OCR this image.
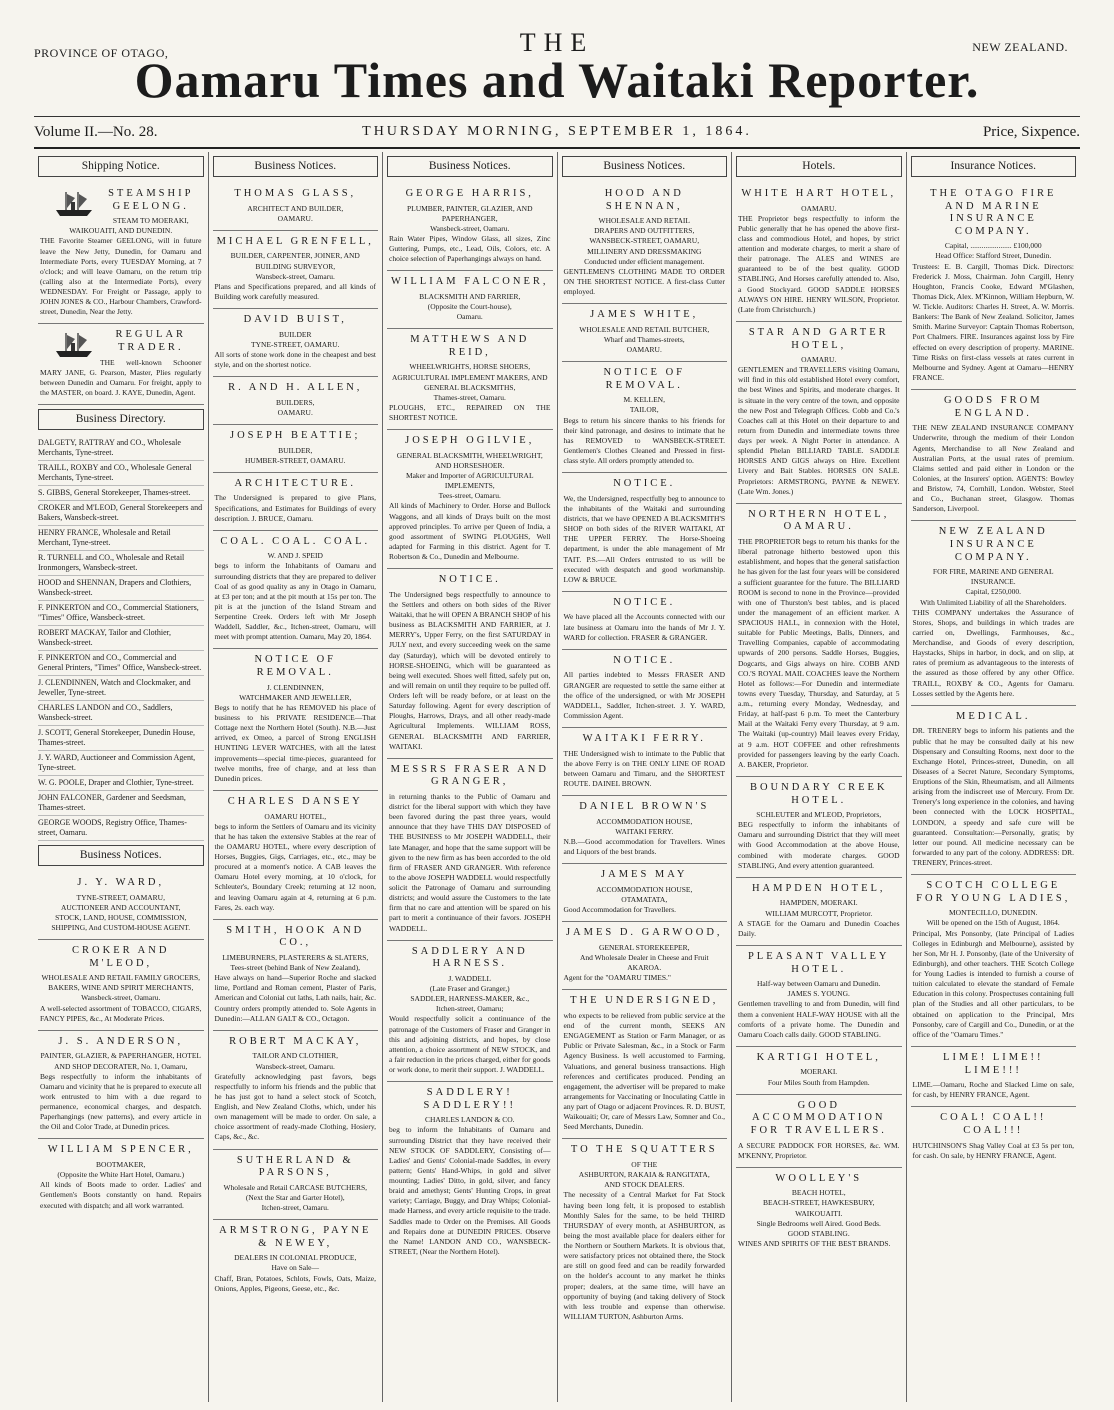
PROVINCE OF OTAGO,	THE	NEW ZEALAND.
Oamaru Times and Waitaki Reporter.
Volume II.—No. 28.	THURSDAY MORNING, SEPTEMBER 1, 1864.	Price, Sixpence.
Shipping Notice.
STEAMSHIP GEELONG.
STEAM TO MOERAKI, WAIKOUAITI, AND DUNEDIN.
THE Favorite Steamer GEELONG, will in future leave the New Jetty, Dunedin, for Oamaru and Intermediate Ports, every TUESDAY Morning, at 7 o'clock; and will leave Oamaru, on the return trip (calling also at the Intermediate Ports), every WEDNESDAY. For Freight or Passage, apply to JOHN JONES & CO., Harbour Chambers, Crawford-street, Dunedin, Near the Jetty.
REGULAR TRADER.
THE well-known Schooner MARY JANE, G. Pearson, Master, Plies regularly between Dunedin and Oamaru. For freight, apply to the MASTER, on board. J. KAYE, Dunedin, Agent.
Business Directory.
DALGETY, RATTRAY and CO., Wholesale Merchants, Tyne-street.
TRAILL, ROXBY and CO., Wholesale General Merchants, Tyne-street.
S. GIBBS, General Storekeeper, Thames-street.
CROKER and M'LEOD, General Storekeepers and Bakers, Wansbeck-street.
HENRY FRANCE, Wholesale and Retail Merchant, Tyne-street.
R. TURNELL and CO., Wholesale and Retail Ironmongers, Wansbeck-street.
HOOD and SHENNAN, Drapers and Clothiers, Wansbeck-street.
F. PINKERTON and CO., Commercial Stationers, "Times" Office, Wansbeck-street.
ROBERT MACKAY, Tailor and Clothier, Wansbeck-street.
F. PINKERTON and CO., Commercial and General Printers, "Times" Office, Wansbeck-street.
J. CLENDINNEN, Watch and Clockmaker, and Jeweller, Tyne-street.
CHARLES LANDON and CO., Saddlers, Wansbeck-street.
J. SCOTT, General Storekeeper, Dunedin House, Thames-street.
J. Y. WARD, Auctioneer and Commission Agent, Tyne-street.
W. G. POOLE, Draper and Clothier, Tyne-street.
JOHN FALCONER, Gardener and Seedsman, Thames-street.
GEORGE WOODS, Registry Office, Thames-street, Oamaru.
Business Notices.
J. Y. WARD,
TYNE-STREET, OAMARU,
AUCTIONEER AND ACCOUNTANT,
STOCK, LAND, HOUSE, COMMISSION, SHIPPING, And CUSTOM-HOUSE AGENT.
CROKER AND M'LEOD,
WHOLESALE AND RETAIL FAMILY GROCERS, BAKERS, WINE AND SPIRIT MERCHANTS,
Wansbeck-street, Oamaru.
A well-selected assortment of TOBACCO, CIGARS, FANCY PIPES, &c., At Moderate Prices.
J. S. ANDERSON,
PAINTER, GLAZIER, & PAPERHANGER, HOTEL AND SHOP DECORATER, No. 1, Oamaru,
Begs respectfully to inform the inhabitants of Oamaru and vicinity that he is prepared to execute all work entrusted to him with a due regard to permanence, economical charges, and despatch. Paperhangings (new patterns), and every article in the Oil and Color Trade, at Dunedin prices.
WILLIAM SPENCER,
BOOTMAKER,
(Opposite the White Hart Hotel, Oamaru.)
All kinds of Boots made to order. Ladies' and Gentlemen's Boots constantly on hand. Repairs executed with dispatch; and all work warranted.
Business Notices.
THOMAS GLASS,
ARCHITECT AND BUILDER,
OAMARU.
MICHAEL GRENFELL,
BUILDER, CARPENTER, JOINER, AND BUILDING SURVEYOR,
Wansbeck-street, Oamaru.
Plans and Specifications prepared, and all kinds of Building work carefully measured.
DAVID BUIST,
BUILDER
TYNE-STREET, OAMARU.
All sorts of stone work done in the cheapest and best style, and on the shortest notice.
R. AND H. ALLEN,
BUILDERS,
OAMARU.
JOSEPH BEATTIE;
BUILDER,
HUMBER-STREET, OAMARU.
ARCHITECTURE.
The Undersigned is prepared to give Plans, Specifications, and Estimates for Buildings of every description. J. BRUCE, Oamaru.
COAL. COAL. COAL.
W. AND J. SPEID
begs to inform the Inhabitants of Oamaru and surrounding districts that they are prepared to deliver Coal of as good quality as any in Otago in Oamaru, at £3 per ton; and at the pit mouth at 15s per ton. The pit is at the junction of the Island Stream and Serpentine Creek. Orders left with Mr Joseph Waddell, Saddler, &c., Itchen-street, Oamaru, will meet with prompt attention. Oamaru, May 20, 1864.
NOTICE OF REMOVAL.
J. CLENDINNEN,
WATCHMAKER AND JEWELLER,
Begs to notify that he has REMOVED his place of business to his PRIVATE RESIDENCE—That Cottage next the Northern Hotel (South). N.B.—Just arrived, ex Omeo, a parcel of Strong ENGLISH HUNTING LEVER WATCHES, with all the latest improvements—special time-pieces, guaranteed for twelve months, free of charge, and at less than Dunedin prices.
CHARLES DANSEY
OAMARU HOTEL,
begs to inform the Settlers of Oamaru and its vicinity that he has taken the extensive Stables at the rear of the OAMARU HOTEL, where every description of Horses, Buggies, Gigs, Carriages, etc., etc., may be procured at a moment's notice. A CAB leaves the Oamaru Hotel every morning, at 10 o'clock, for Schleuter's, Boundary Creek; returning at 12 noon, and leaving Oamaru again at 4, returning at 6 p.m. Fares, 2s. each way.
SMITH, HOOK AND CO.,
LIMEBURNERS, PLASTERERS & SLATERS,
Tees-street (behind Bank of New Zealand),
Have always on hand—Superior Roche and slacked lime, Portland and Roman cement, Plaster of Paris, American and Colonial cut laths, Lath nails, hair, &c. Country orders promptly attended to. Sole Agents in Dunedin:—ALLAN GALT & CO., Octagon.
ROBERT MACKAY,
TAILOR AND CLOTHIER,
Wansbeck-street, Oamaru.
Gratefully acknowledging past favors, begs respectfully to inform his friends and the public that he has just got to hand a select stock of Scotch, English, and New Zealand Cloths, which, under his own management will be made to order. On sale, a choice assortment of ready-made Clothing, Hosiery, Caps, &c., &c.
SUTHERLAND & PARSONS,
Wholesale and Retail CARCASE BUTCHERS,
(Next the Star and Garter Hotel),
Itchen-street, Oamaru.
ARMSTRONG, PAYNE & NEWEY,
DEALERS IN COLONIAL PRODUCE,
Have on Sale—
Chaff, Bran, Potatoes, Schlots, Fowls, Oats, Maize, Onions, Apples, Pigeons, Geese, etc., &c.
Business Notices.
GEORGE HARRIS,
PLUMBER, PAINTER, GLAZIER, AND PAPERHANGER,
Wansbeck-street, Oamaru.
Rain Water Pipes, Window Glass, all sizes, Zinc Guttering, Pumps, etc., Lead, Oils, Colors, etc. A choice selection of Paperhangings always on hand.
WILLIAM FALCONER,
BLACKSMITH AND FARRIER,
(Opposite the Court-house),
Oamaru.
MATTHEWS AND REID,
WHEELWRIGHTS, HORSE SHOERS, AGRICULTURAL IMPLEMENT MAKERS, AND GENERAL BLACKSMITHS,
Thames-street, Oamaru.
PLOUGHS, ETC., REPAIRED ON THE SHORTEST NOTICE.
JOSEPH OGILVIE,
GENERAL BLACKSMITH, WHEELWRIGHT, AND HORSESHOER.
Maker and Importer of AGRICULTURAL IMPLEMENTS,
Tees-street, Oamaru.
All kinds of Machinery to Order. Horse and Bullock Waggons, and all kinds of Drays built on the most approved principles. To arrive per Queen of India, a good assortment of SWING PLOUGHS, Well adapted for Farming in this district. Agent for T. Robertson & Co., Dunedin and Melbourne.
NOTICE.
The Undersigned begs respectfully to announce to the Settlers and others on both sides of the River Waitaki, that he will OPEN A BRANCH SHOP of his business as BLACKSMITH AND FARRIER, at J. MERRY's, Upper Ferry, on the first SATURDAY in JULY next, and every succeeding week on the same day (Saturday), which will be devoted entirely to HORSE-SHOEING, which will be guaranteed as being well executed. Shoes well fitted, safely put on, and will remain on until they require to be pulled off. Orders left will be ready before, or at least on the Saturday following. Agent for every description of Ploughs, Harrows, Drays, and all other ready-made Agricultural Implements. WILLIAM ROSS, GENERAL BLACKSMITH AND FARRIER, WAITAKI.
MESSRS FRASER AND GRANGER,
in returning thanks to the Public of Oamaru and district for the liberal support with which they have been favored during the past three years, would announce that they have THIS DAY DISPOSED of THE BUSINESS to Mr JOSEPH WADDELL, their late Manager, and hope that the same support will be given to the new firm as has been accorded to the old firm of FRASER AND GRANGER. With reference to the above JOSEPH WADDELL would respectfully solicit the Patronage of Oamaru and surrounding districts; and would assure the Customers to the late firm that no care and attention will be spared on his part to merit a continuance of their favors. JOSEPH WADDELL.
SADDLERY AND HARNESS.
J. WADDELL
(Late Fraser and Granger,)
SADDLER, HARNESS-MAKER, &c.,
Itchen-street, Oamaru;
Would respectfully solicit a continuance of the patronage of the Customers of Fraser and Granger in this and adjoining districts, and hopes, by close attention, a choice assortment of NEW STOCK, and a fair reduction in the prices charged, either for goods or work done, to merit their support. J. WADDELL.
SADDLERY! SADDLERY!!
CHARLES LANDON & CO.
beg to inform the Inhabitants of Oamaru and surrounding District that they have received their NEW STOCK OF SADDLERY, Consisting of—Ladies' and Gents' Colonial-made Saddles, in every pattern; Gents' Hand-Whips, in gold and silver mounting; Ladies' Ditto, in gold, silver, and fancy braid and amethyst; Gents' Hunting Crops, in great variety; Carriage, Buggy, and Dray Whips; Colonial-made Harness, and every article requisite to the trade. Saddles made to Order on the Premises. All Goods and Repairs done at DUNEDIN PRICES. Observe the Name! LANDON AND CO., WANSBECK-STREET, (Near the Northern Hotel).
Business Notices.
HOOD AND SHENNAN,
WHOLESALE AND RETAIL
DRAPERS AND OUTFITTERS,
WANSBECK-STREET, OAMARU,
MILLINERY AND DRESSMAKING
Conducted under efficient management.
GENTLEMEN'S CLOTHING MADE TO ORDER ON THE SHORTEST NOTICE. A first-class Cutter employed.
JAMES WHITE,
WHOLESALE AND RETAIL BUTCHER,
Wharf and Thames-streets,
OAMARU.
NOTICE OF REMOVAL.
M. KELLEN,
TAILOR,
Begs to return his sincere thanks to his friends for their kind patronage, and desires to intimate that he has REMOVED to WANSBECK-STREET. Gentlemen's Clothes Cleaned and Pressed in first-class style. All orders promptly attended to.
NOTICE.
We, the Undersigned, respectfully beg to announce to the inhabitants of the Waitaki and surrounding districts, that we have OPENED A BLACKSMITH'S SHOP on both sides of the RIVER WAITAKI, AT THE UPPER FERRY. The Horse-Shoeing department, is under the able management of Mr TAIT. P.S.—All Orders entrusted to us will be executed with despatch and good workmanship. LOW & BRUCE.
NOTICE.
We have placed all the Accounts connected with our late business at Oamaru into the hands of Mr J. Y. WARD for collection. FRASER & GRANGER.
NOTICE.
All parties indebted to Messrs FRASER AND GRANGER are requested to settle the same either at the office of the undersigned, or with Mr JOSEPH WADDELL, Saddler, Itchen-street. J. Y. WARD, Commission Agent.
WAITAKI FERRY.
THE Undersigned wish to intimate to the Public that the above Ferry is on THE ONLY LINE OF ROAD between Oamaru and Timaru, and the SHORTEST ROUTE. DAINEL BROWN.
DANIEL BROWN'S
ACCOMMODATION HOUSE,
WAITAKI FERRY.
N.B.—Good accommodation for Travellers. Wines and Liquors of the best brands.
JAMES MAY
ACCOMMODATION HOUSE,
OTAMATATA,
Good Accommodation for Travellers.
JAMES D. GARWOOD,
GENERAL STOREKEEPER,
And Wholesale Dealer in Cheese and Fruit
AKAROA.
Agent for the "OAMARU TIMES."
THE UNDERSIGNED,
who expects to be relieved from public service at the end of the current month, SEEKS AN ENGAGEMENT as Station or Farm Manager, or as Public or Private Salesman, &c., in a Stock or Farm Agency Business. Is well accustomed to Farming, Valuations, and general business transactions. High references and certificates produced. Pending an engagement, the advertiser will be prepared to make arrangements for Vaccinating or Inoculating Cattle in any part of Otago or adjacent Provinces. R. D. BUST, Waikouaiti; Or, care of Messrs Law, Somner and Co., Seed Merchants, Dunedin.
TO THE SQUATTERS
OF THE
ASHBURTON, RAKAIA & RANGITATA,
AND STOCK DEALERS.
The necessity of a Central Market for Fat Stock having been long felt, it is proposed to establish Monthly Sales for the same, to be held THIRD THURSDAY of every month, at ASHBURTON, as being the most available place for dealers either for the Northern or Southern Markets. It is obvious that, were satisfactory prices not obtained there, the Stock are still on good feed and can be readily forwarded on the holder's account to any market he thinks proper; dealers, at the same time, will have an opportunity of buying (and taking delivery of Stock with less trouble and expense than otherwise. WILLIAM TURTON, Ashburton Arms.
Hotels.
WHITE HART HOTEL,
OAMARU.
THE Proprietor begs respectfully to inform the Public generally that he has opened the above first-class and commodious Hotel, and hopes, by strict attention and moderate charges, to merit a share of their patronage. The ALES and WINES are guaranteed to be of the best quality. GOOD STABLING, And Horses carefully attended to. Also, a Good Stockyard. GOOD SADDLE HORSES ALWAYS ON HIRE. HENRY WILSON, Proprietor. (Late from Christchurch.)
STAR AND GARTER HOTEL,
OAMARU.
GENTLEMEN and TRAVELLERS visiting Oamaru, will find in this old established Hotel every comfort, the best Wines and Spirits, and moderate charges. It is situate in the very centre of the town, and opposite the new Post and Telegraph Offices. Cobb and Co.'s Coaches call at this Hotel on their departure to and return from Dunedin and intermediate towns three days per week. A Night Porter in attendance. A splendid Phelan BILLIARD TABLE. SADDLE HORSES AND GIGS always on Hire. Excellent Livery and Bait Stables. HORSES ON SALE. Proprietors: ARMSTRONG, PAYNE & NEWEY. (Late Wm. Jones.)
NORTHERN HOTEL, OAMARU.
THE PROPRIETOR begs to return his thanks for the liberal patronage hitherto bestowed upon this establishment, and hopes that the general satisfaction he has given for the last four years will be considered a sufficient guarantee for the future. The BILLIARD ROOM is second to none in the Province—provided with one of Thurston's best tables, and is placed under the management of an efficient marker. A SPACIOUS HALL, in connexion with the Hotel, suitable for Public Meetings, Balls, Dinners, and Travelling Companies, capable of accommodating upwards of 200 persons. Saddle Horses, Buggies, Dogcarts, and Gigs always on hire. COBB AND CO.'S ROYAL MAIL COACHES leave the Northern Hotel as follows:—For Dunedin and intermediate towns every Tuesday, Thursday, and Saturday, at 5 a.m., returning every Monday, Wednesday, and Friday, at half-past 6 p.m. To meet the Canterbury Mail at the Waitaki Ferry every Thursday, at 9 a.m. The Waitaki (up-country) Mail leaves every Friday, at 9 a.m. HOT COFFEE and other refreshments provided for passengers leaving by the early Coach. A. BAKER, Proprietor.
BOUNDARY CREEK HOTEL.
SCHLEUTER and M'LEOD, Proprietors,
BEG respectfully to inform the inhabitants of Oamaru and surrounding District that they will meet with Good Accommodation at the above House, combined with moderate charges. GOOD STABLING, And every attention guaranteed.
HAMPDEN HOTEL,
HAMPDEN, MOERAKI.
WILLIAM MURCOTT, Proprietor.
A STAGE for the Oamaru and Dunedin Coaches Daily.
PLEASANT VALLEY HOTEL.
Half-way between Oamaru and Dunedin.
JAMES S. YOUNG.
Gentlemen travelling to and from Dunedin, will find them a convenient HALF-WAY HOUSE with all the comforts of a private home. The Dunedin and Oamaru Coach calls daily. GOOD STABLING.
KARTIGI HOTEL,
MOERAKI.
Four Miles South from Hampden.
GOOD ACCOMMODATION FOR TRAVELLERS.
A SECURE PADDOCK FOR HORSES, &c. WM. M'KENNY, Proprietor.
WOOLLEY'S
BEACH HOTEL,
BEACH-STREET, HAWKESBURY,
WAIKOUAITI.
Single Bedrooms well Aired. Good Beds.
GOOD STABLING.
WINES AND SPIRITS OF THE BEST BRANDS.
Insurance Notices.
THE OTAGO FIRE AND MARINE INSURANCE COMPANY.
Capital, ...................... £100,000
Head Office: Stafford Street, Dunedin.
Trustees: E. B. Cargill, Thomas Dick. Directors: Frederick J. Moss, Chairman. John Cargill, Henry Houghton, Francis Cooke, Edward M'Glashen, Thomas Dick, Alex. M'Kinnon, William Hepburn, W. W. Tickle. Auditors: Charles H. Street, A. W. Morris. Bankers: The Bank of New Zealand. Solicitor, James Smith. Marine Surveyor: Captain Thomas Robertson, Port Chalmers. FIRE. Insurances against loss by Fire effected on every description of property. MARINE. Time Risks on first-class vessels at rates current in Melbourne and Sydney. Agent at Oamaru—HENRY FRANCE.
GOODS FROM ENGLAND.
THE NEW ZEALAND INSURANCE COMPANY Underwrite, through the medium of their London Agents, Merchandise to all New Zealand and Australian Ports, at the usual rates of premium. Claims settled and paid either in London or the Colonies, at the Insurers' option. AGENTS: Bowley and Bristow, 74, Cornhill, London. Webster, Steel and Co., Buchanan street, Glasgow. Thomas Sanderson, Liverpool.
NEW ZEALAND INSURANCE COMPANY.
FOR FIRE, MARINE AND GENERAL INSURANCE.
Capital, £250,000.
With Unlimited Liability of all the Shareholders.
THIS COMPANY undertakes the Assurance of Stores, Shops, and buildings in which trades are carried on, Dwellings, Farmhouses, &c., Merchandise, and Goods of every description, Haystacks, Ships in harbor, in dock, and on slip, at rates of premium as advantageous to the interests of the assured as those offered by any other Office. TRAILL, ROXBY & CO., Agents for Oamaru. Losses settled by the Agents here.
MEDICAL.
DR. TRENERY begs to inform his patients and the public that he may be consulted daily at his new Dispensary and Consulting Rooms, next door to the Exchange Hotel, Princes-street, Dunedin, on all Diseases of a Secret Nature, Secondary Symptoms, Eruptions of the Skin, Rheumatism, and all Ailments arising from the indiscreet use of Mercury. From Dr. Trenery's long experience in the colonies, and having been connected with the LOCK HOSPITAL, LONDON, a speedy and safe cure will be guaranteed. Consultation:—Personally, gratis; by letter our pound. All medicine necessary can be forwarded to any part of the colony. ADDRESS: DR. TRENERY, Princes-street.
SCOTCH COLLEGE FOR YOUNG LADIES,
MONTECILLO, DUNEDIN.
Will be opened on the 15th of August, 1864.
Principal, Mrs Ponsonby, (late Principal of Ladies Colleges in Edinburgh and Melbourne), assisted by her Son, Mr H. J. Ponsonby, (late of the University of Edinburgh), and other teachers. THE Scotch College for Young Ladies is intended to furnish a course of tuition calculated to elevate the standard of Female Education in this colony. Prospectuses containing full plan of the Studies and all other particulars, to be obtained on application to the Principal, Mrs Ponsonby, care of Cargill and Co., Dunedin, or at the office of the "Oamaru Times."
LIME! LIME!! LIME!!!
LIME.—Oamaru, Roche and Slacked Lime on sale, for cash, by HENRY FRANCE, Agent.
COAL! COAL!! COAL!!!
HUTCHINSON'S Shag Valley Coal at £3 5s per ton, for cash. On sale, by HENRY FRANCE, Agent.
